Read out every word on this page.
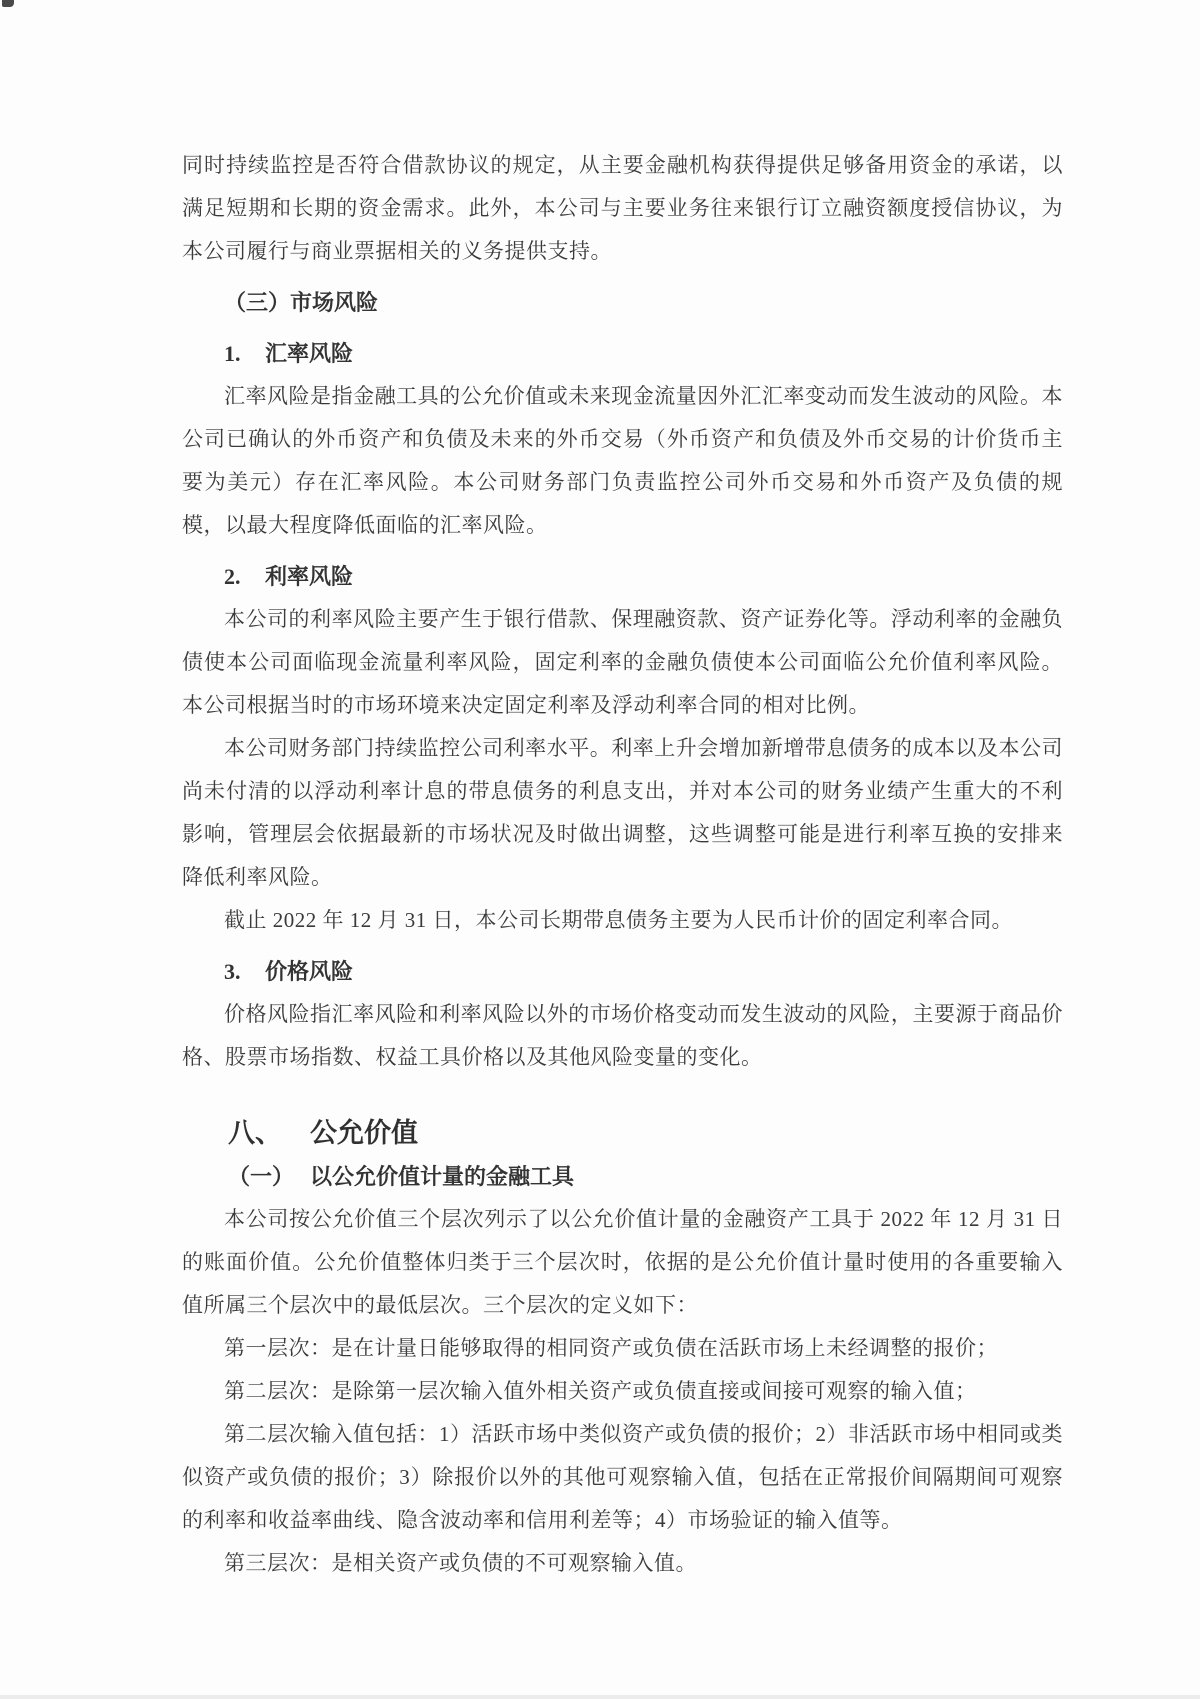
同时持续监控是否符合借款协议的规定，从主要金融机构获得提供足够备用资金的承诺，以满足短期和长期的资金需求。此外，本公司与主要业务往来银行订立融资额度授信协议，为本公司履行与商业票据相关的义务提供支持。

（三）市场风险
1. 汇率风险

汇率风险是指金融工具的公允价值或未来现金流量因外汇汇率变动而发生波动的风险。本公司已确认的外币资产和负债及未来的外币交易（外币资产和负债及外币交易的计价货币主要为美元）存在汇率风险。本公司财务部门负责监控公司外币交易和外币资产及负债的规模，以最大程度降低面临的汇率风险。

2. 利率风险

本公司的利率风险主要产生于银行借款、保理融资款、资产证券化等。浮动利率的金融负债使本公司面临现金流量利率风险，固定利率的金融负债使本公司面临公允价值利率风险。本公司根据当时的市场环境来决定固定利率及浮动利率合同的相对比例。

本公司财务部门持续监控公司利率水平。利率上升会增加新增带息债务的成本以及本公司尚未付清的以浮动利率计息的带息债务的利息支出，并对本公司的财务业绩产生重大的不利影响，管理层会依据最新的市场状况及时做出调整，这些调整可能是进行利率互换的安排来降低利率风险。

截止 2022 年 12 月 31 日，本公司长期带息债务主要为人民币计价的固定利率合同。

3. 价格风险

价格风险指汇率风险和利率风险以外的市场价格变动而发生波动的风险，主要源于商品价格、股票市场指数、权益工具价格以及其他风险变量的变化。

八、 公允价值
（一） 以公允价值计量的金融工具

本公司按公允价值三个层次列示了以公允价值计量的金融资产工具于 2022 年 12 月 31 日的账面价值。公允价值整体归类于三个层次时，依据的是公允价值计量时使用的各重要输入值所属三个层次中的最低层次。三个层次的定义如下：

第一层次：是在计量日能够取得的相同资产或负债在活跃市场上未经调整的报价；

第二层次：是除第一层次输入值外相关资产或负债直接或间接可观察的输入值；

第二层次输入值包括：1）活跃市场中类似资产或负债的报价；2）非活跃市场中相同或类似资产或负债的报价；3）除报价以外的其他可观察输入值，包括在正常报价间隔期间可观察的利率和收益率曲线、隐含波动率和信用利差等；4）市场验证的输入值等。

第三层次：是相关资产或负债的不可观察输入值。
